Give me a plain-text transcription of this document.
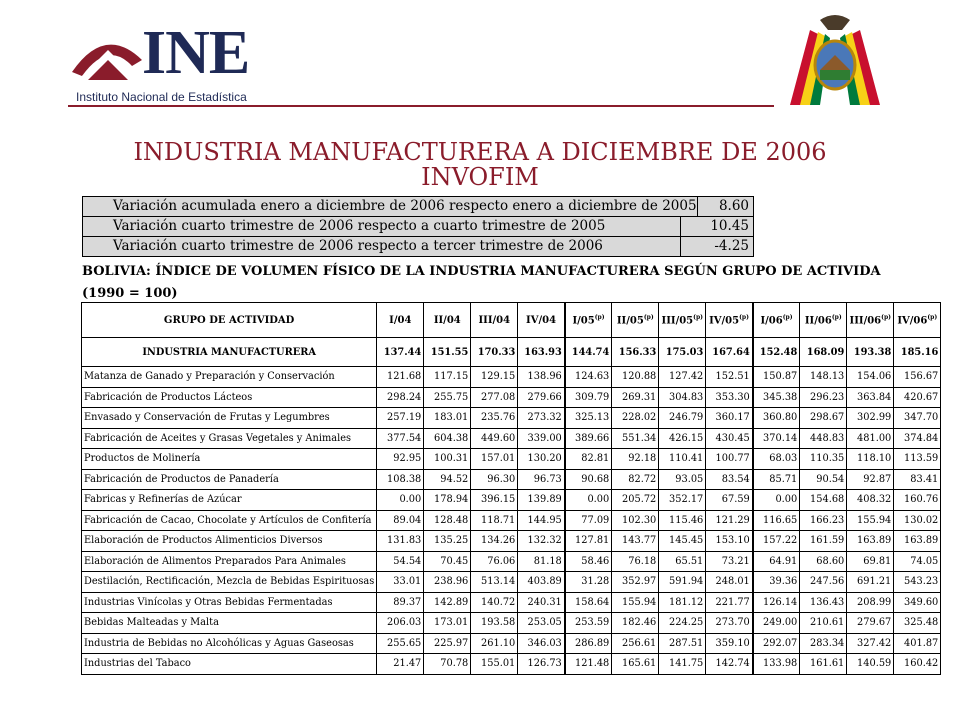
INE
Instituto Nacional de Estadística
INDUSTRIA MANUFACTURERA A DICIEMBRE DE 2006
INVOFIM
Variación acumulada enero a diciembre de 2006 respecto enero a diciembre de 2005	8.60
Variación cuarto trimestre de 2006 respecto a cuarto trimestre de 2005	10.45
Variación cuarto trimestre de 2006 respecto a tercer trimestre de 2006	-4.25
BOLIVIA: ÍNDICE DE VOLUMEN FÍSICO DE LA INDUSTRIA MANUFACTURERA SEGÚN GRUPO DE ACTIVIDA
(1990 = 100)
GRUPO DE ACTIVIDAD	I/04	II/04	III/04	IV/04	I/05$^{(p)}$	II/05$^{(p)}$	III/05$^{(p)}$	IV/05$^{(p)}$	I/06$^{(p)}$	II/06$^{(p)}$	III/06$^{(p)}$	IV/06$^{(p)}$
INDUSTRIA MANUFACTURERA	137.44	151.55	170.33	163.93	144.74	156.33	175.03	167.64	152.48	168.09	193.38	185.16
Matanza de Ganado y Preparación y Conservación	121.68	117.15	129.15	138.96	124.63	120.88	127.42	152.51	150.87	148.13	154.06	156.67
Fabricación de Productos Lácteos	298.24	255.75	277.08	279.66	309.79	269.31	304.83	353.30	345.38	296.23	363.84	420.67
Envasado y Conservación de Frutas y Legumbres	257.19	183.01	235.76	273.32	325.13	228.02	246.79	360.17	360.80	298.67	302.99	347.70
Fabricación de Aceites y Grasas Vegetales y Animales	377.54	604.38	449.60	339.00	389.66	551.34	426.15	430.45	370.14	448.83	481.00	374.84
Productos de Molinería	92.95	100.31	157.01	130.20	82.81	92.18	110.41	100.77	68.03	110.35	118.10	113.59
Fabricación de Productos de Panadería	108.38	94.52	96.30	96.73	90.68	82.72	93.05	83.54	85.71	90.54	92.87	83.41
Fabricas y Refinerías de Azúcar	0.00	178.94	396.15	139.89	0.00	205.72	352.17	67.59	0.00	154.68	408.32	160.76
Fabricación de Cacao, Chocolate y Artículos de Confitería	89.04	128.48	118.71	144.95	77.09	102.30	115.46	121.29	116.65	166.23	155.94	130.02
Elaboración de Productos Alimenticios Diversos	131.83	135.25	134.26	132.32	127.81	143.77	145.45	153.10	157.22	161.59	163.89	163.89
Elaboración de Alimentos Preparados Para Animales	54.54	70.45	76.06	81.18	58.46	76.18	65.51	73.21	64.91	68.60	69.81	74.05
Destilación, Rectificación, Mezcla de Bebidas Espirituosas	33.01	238.96	513.14	403.89	31.28	352.97	591.94	248.01	39.36	247.56	691.21	543.23
Industrias Vinícolas y Otras Bebidas Fermentadas	89.37	142.89	140.72	240.31	158.64	155.94	181.12	221.77	126.14	136.43	208.99	349.60
Bebidas Malteadas y Malta	206.03	173.01	193.58	253.05	253.59	182.46	224.25	273.70	249.00	210.61	279.67	325.48
Industria de Bebidas no Alcohólicas y Aguas Gaseosas	255.65	225.97	261.10	346.03	286.89	256.61	287.51	359.10	292.07	283.34	327.42	401.87
Industrias del Tabaco	21.47	70.78	155.01	126.73	121.48	165.61	141.75	142.74	133.98	161.61	140.59	160.42
